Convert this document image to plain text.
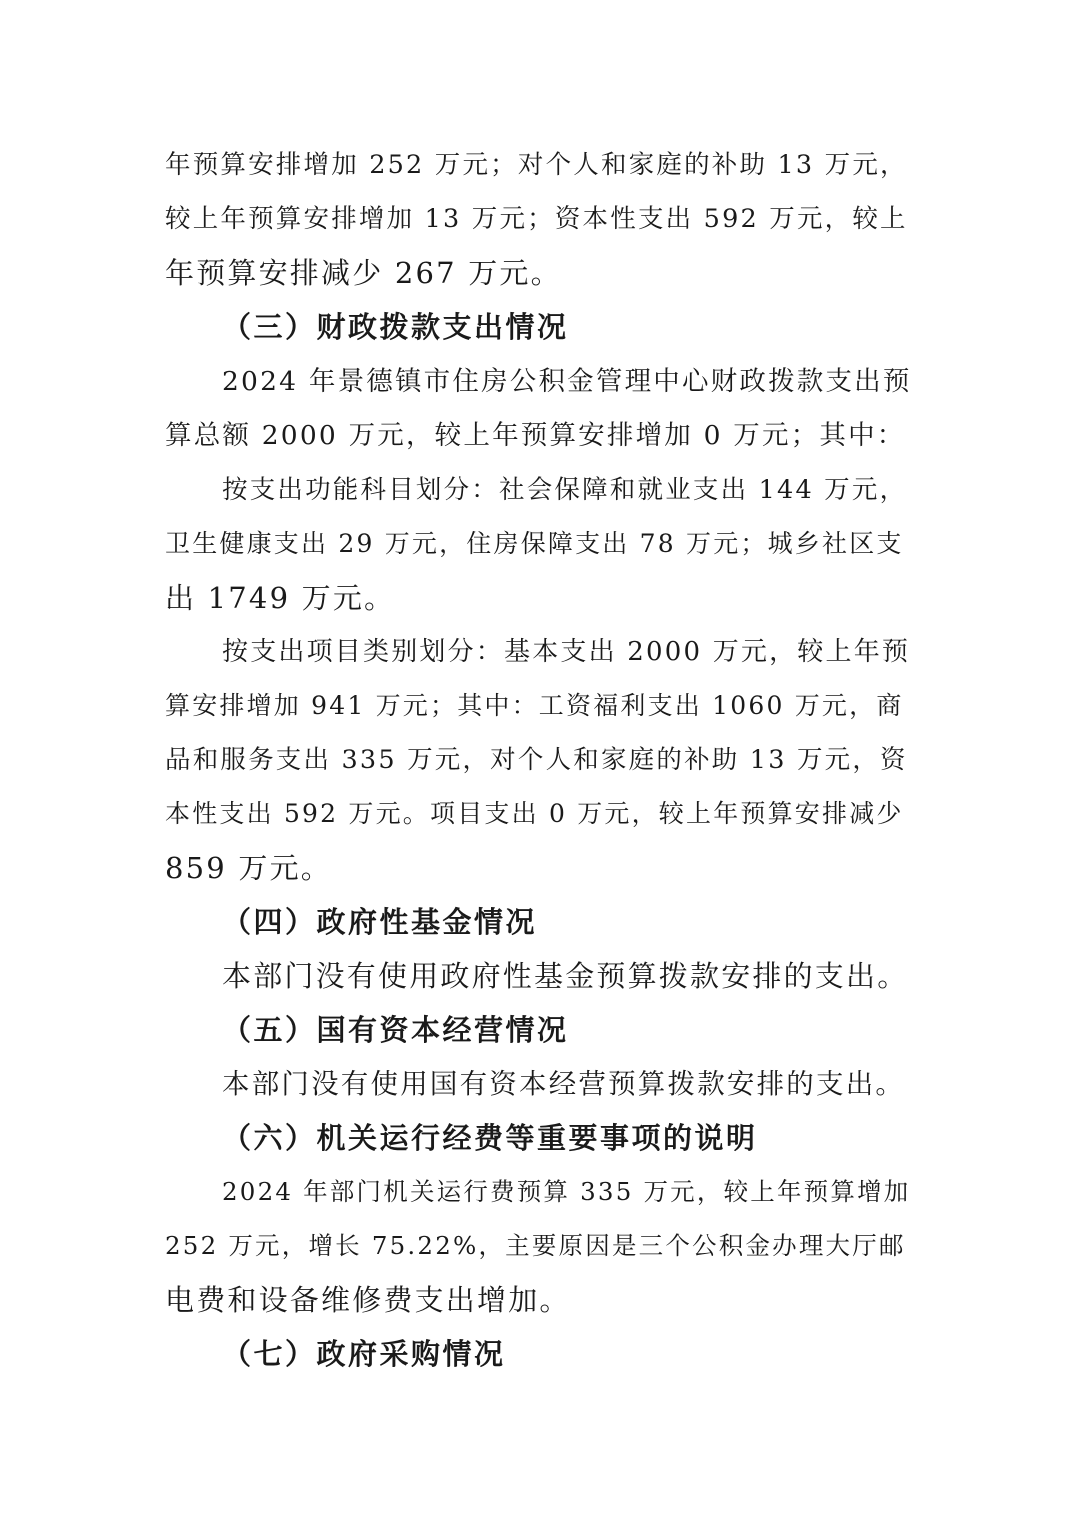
年预算安排增加 252 万元；对个人和家庭的补助 13 万元，
较上年预算安排增加 13 万元；资本性支出 592 万元，较上
年预算安排减少 267 万元。
（三）财政拨款支出情况
2024 年景德镇市住房公积金管理中心财政拨款支出预
算总额 2000 万元，较上年预算安排增加 0 万元；其中：
按支出功能科目划分：社会保障和就业支出 144 万元，
卫生健康支出 29 万元，住房保障支出 78 万元；城乡社区支
出 1749 万元。
按支出项目类别划分：基本支出 2000 万元，较上年预
算安排增加 941 万元；其中：工资福利支出 1060 万元，商
品和服务支出 335 万元，对个人和家庭的补助 13 万元，资
本性支出 592 万元。项目支出 0 万元，较上年预算安排减少
859 万元。
（四）政府性基金情况
本部门没有使用政府性基金预算拨款安排的支出。
（五）国有资本经营情况
本部门没有使用国有资本经营预算拨款安排的支出。
（六）机关运行经费等重要事项的说明
2024 年部门机关运行费预算 335 万元，较上年预算增加
252 万元，增长 75.22%，主要原因是三个公积金办理大厅邮
电费和设备维修费支出增加。
（七）政府采购情况
